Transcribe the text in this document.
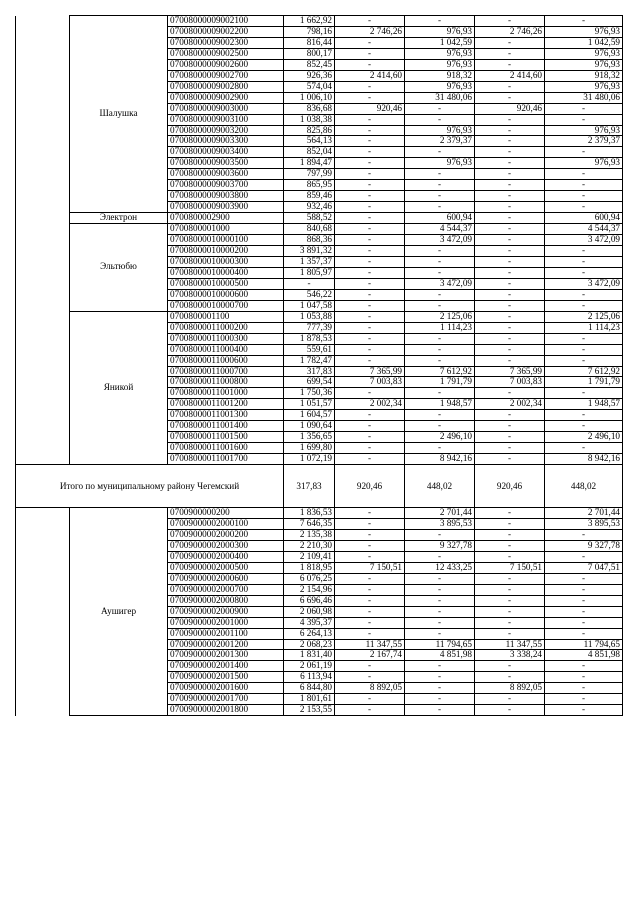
	Шалушка	07008000009002100	1 662,92	-	-	-	-
		07008000009002200	798,16	2 746,26	976,93	2 746,26	976,93
		07008000009002300	816,44	-	1 042,59	-	1 042,59
		07008000009002500	800,17	-	976,93	-	976,93
		07008000009002600	852,45	-	976,93	-	976,93
		07008000009002700	926,36	2 414,60	918,32	2 414,60	918,32
		07008000009002800	574,04	-	976,93	-	976,93
		07008000009002900	1 006,10	-	31 480,06	-	31 480,06
		07008000009003000	836,68	920,46	-	920,46	-
		07008000009003100	1 038,38	-	-	-	-
		07008000009003200	825,86	-	976,93	-	976,93
		07008000009003300	564,13	-	2 379,37	-	2 379,37
		07008000009003400	852,04	-	-	-	-
		07008000009003500	1 894,47	-	976,93	-	976,93
		07008000009003600	797,99	-	-	-	-
		07008000009003700	865,95	-	-	-	-
		07008000009003800	859,46	-	-	-	-
		07008000009003900	932,46	-	-	-	-
	Электрон	0700800002900	588,52	-	600,94	-	600,94
	Эльтюбю	0700800001000	840,68	-	4 544,37	-	4 544,37
		07008000010000100	868,36	-	3 472,09	-	3 472,09
		07008000010000200	3 891,32	-	-	-	-
		07008000010000300	1 357,37	-	-	-	-
		07008000010000400	1 805,97	-	-	-	-
		07008000010000500	-	-	3 472,09	-	3 472,09
		07008000010000600	546,22	-	-	-	-
		07008000010000700	1 047,58	-	-	-	-
	Яникой	0700800001100	1 053,88	-	2 125,06	-	2 125,06
		07008000011000200	777,39	-	1 114,23	-	1 114,23
		07008000011000300	1 878,53	-	-	-	-
		07008000011000400	559,61	-	-	-	-
		07008000011000600	1 782,47	-	-	-	-
		07008000011000700	317,83	7 365,99	7 612,92	7 365,99	7 612,92
		07008000011000800	699,54	7 003,83	1 791,79	7 003,83	1 791,79
		07008000011001000	1 750,36	-	-	-	-
		07008000011001200	1 051,57	2 002,34	1 948,57	2 002,34	1 948,57
		07008000011001300	1 604,57	-	-	-	-
		07008000011001400	1 090,64	-	-	-	-
		07008000011001500	1 356,65	-	2 496,10	-	2 496,10
		07008000011001600	1 699,80	-	-	-	-
		07008000011001700	1 072,19	-	8 942,16	-	8 942,16
Итого по муниципальному району Чегемский			317,83	920,46	448,02	920,46	448,02
	Аушигер	0700900000200	1 836,53	-	2 701,44	-	2 701,44
		07009000002000100	7 646,35	-	3 895,53	-	3 895,53
		07009000002000200	2 135,38	-	-	-	-
		07009000002000300	2 210,30	-	9 327,78	-	9 327,78
		07009000002000400	2 109,41	-	-	-	-
		07009000002000500	1 818,95	7 150,51	12 433,25	7 150,51	7 047,51
		07009000002000600	6 076,25	-	-	-	-
		07009000002000700	2 154,96	-	-	-	-
		07009000002000800	6 696,46	-	-	-	-
		07009000002000900	2 060,98	-	-	-	-
		07009000002001000	4 395,37	-	-	-	-
		07009000002001100	6 264,13	-	-	-	-
		07009000002001200	2 068,23	11 347,55	11 794,65	11 347,55	11 794,65
		07009000002001300	1 831,40	2 167,74	4 851,98	3 338,24	4 851,98
		07009000002001400	2 061,19	-	-	-	-
		07009000002001500	6 113,94	-	-	-	-
		07009000002001600	6 844,80	8 892,05	-	8 892,05	-
		07009000002001700	1 801,61	-	-	-	-
		07009000002001800	2 153,55	-	-	-	-
